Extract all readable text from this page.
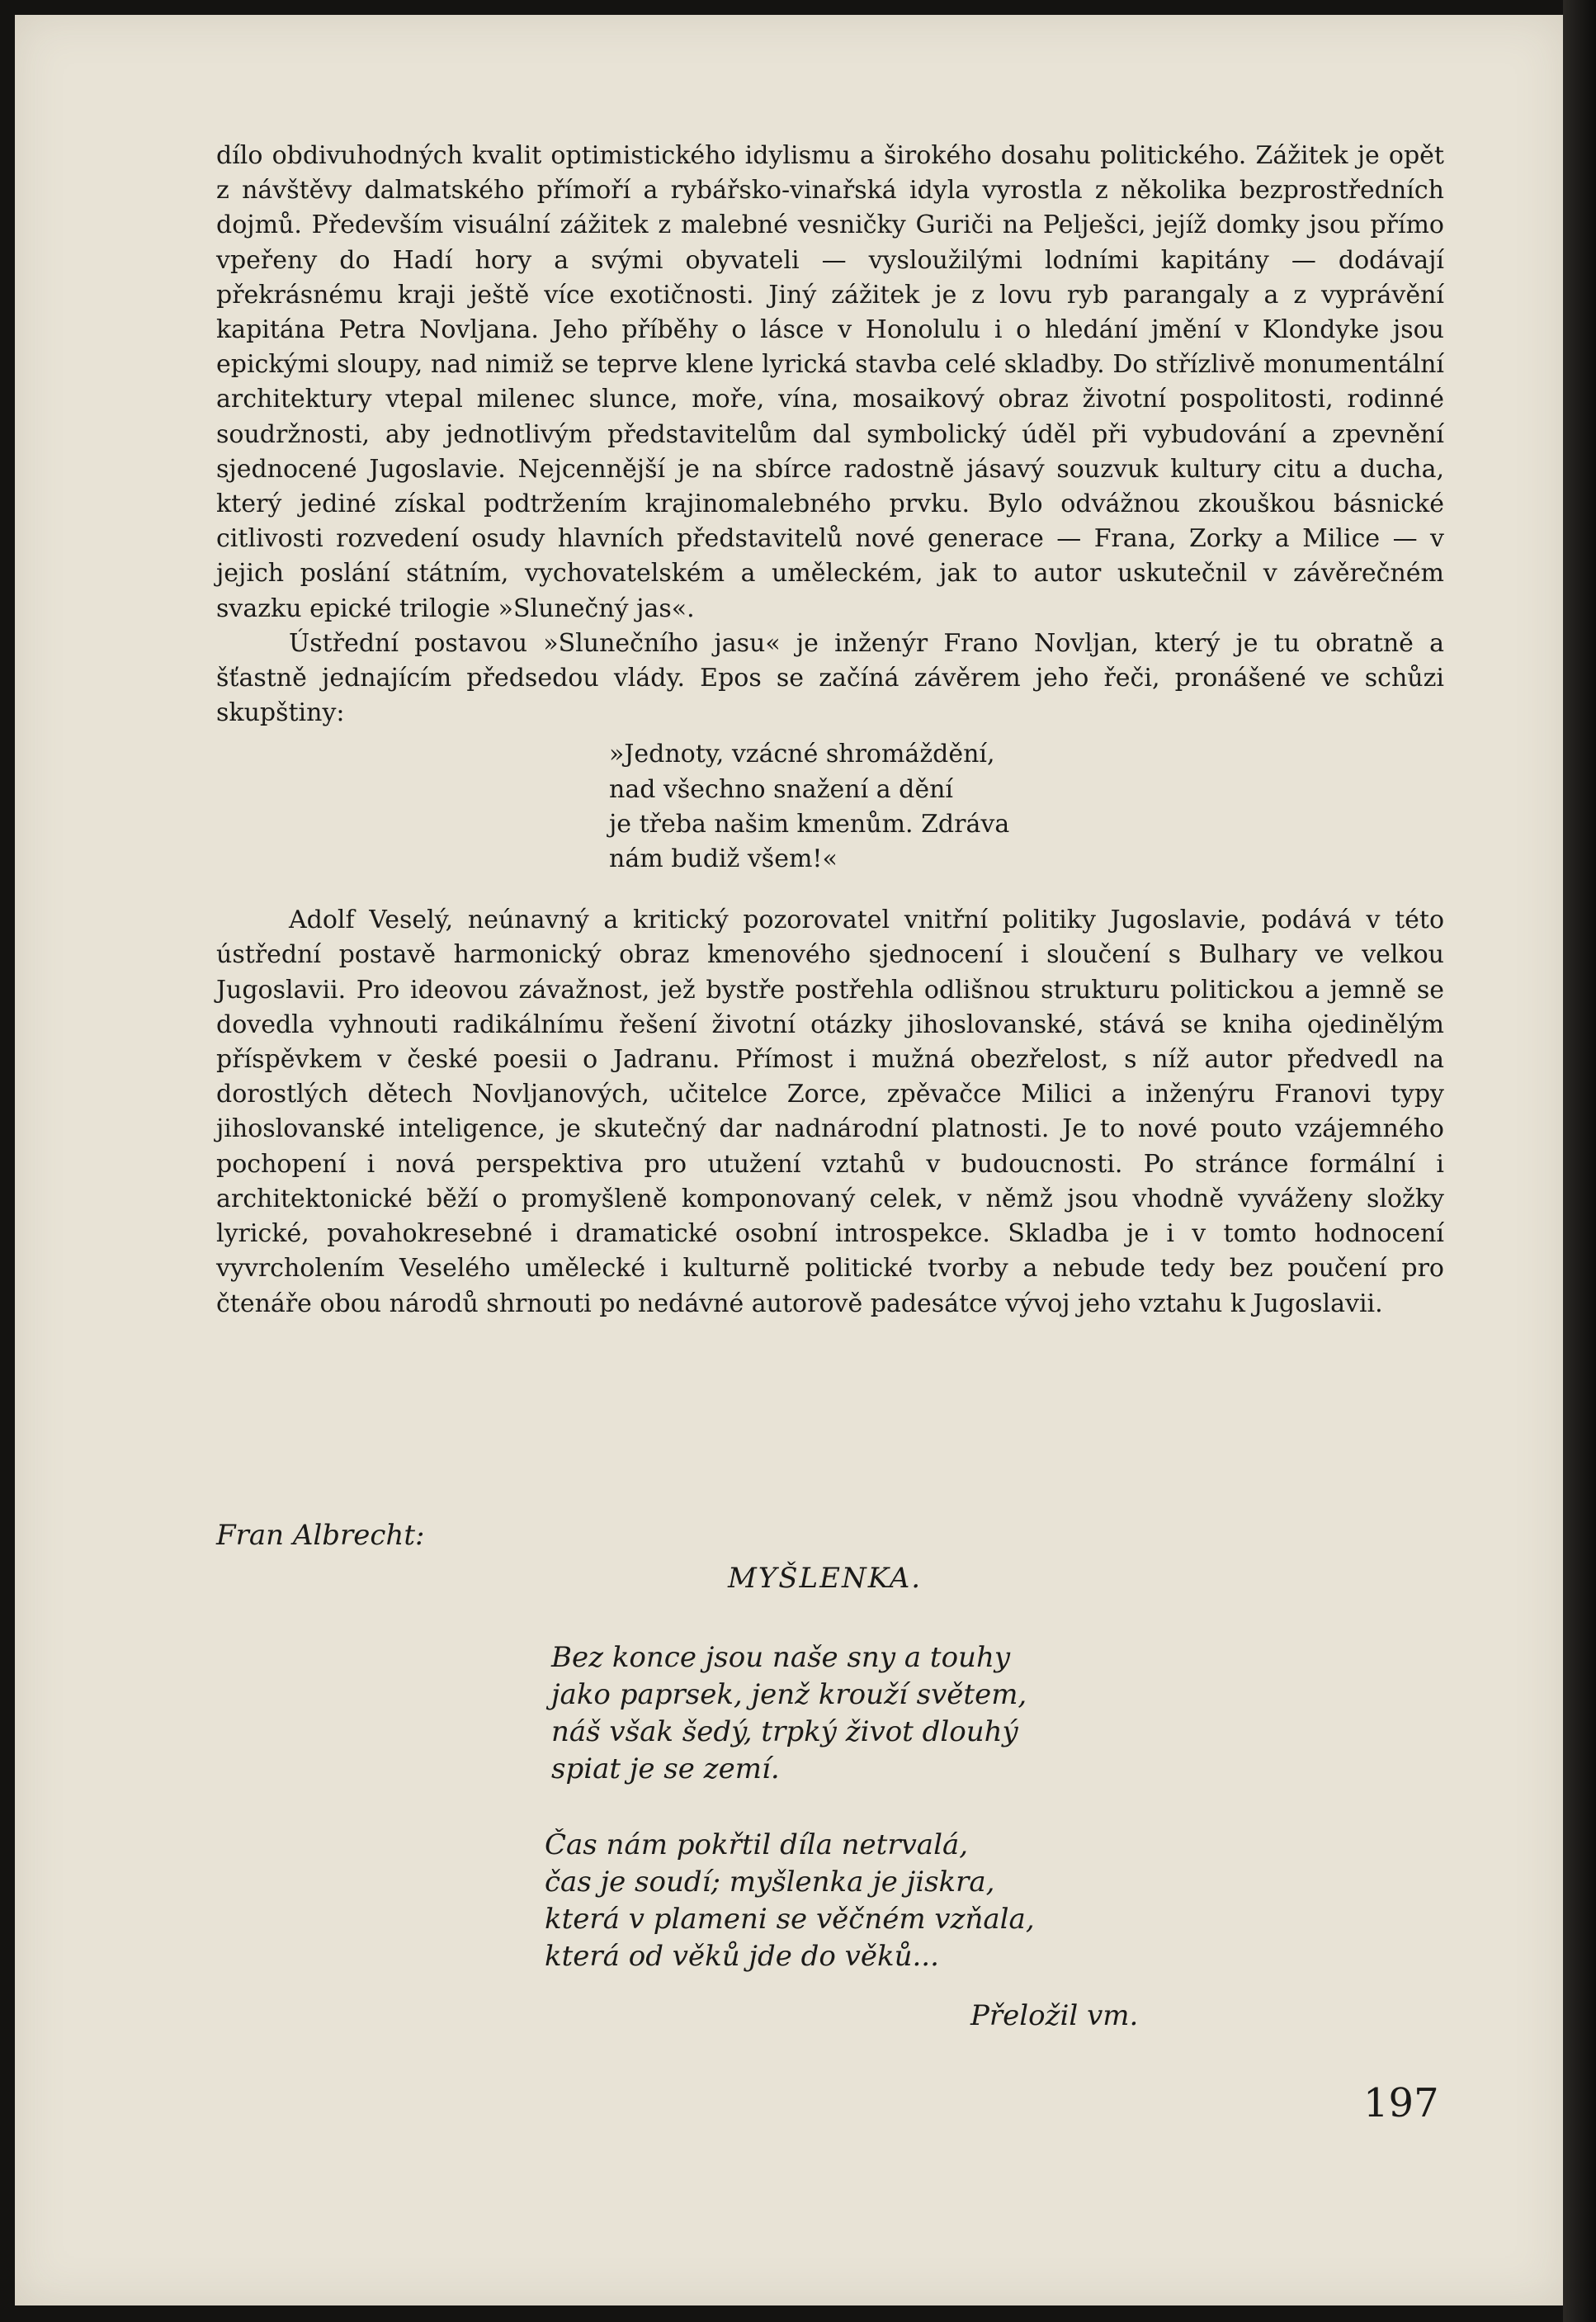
dílo obdivuhodných kvalit optimistického idylismu a širokého dosahu politického. Zážitek je opět z návštěvy dalmatského přímoří a rybářsko-vinařská idyla vyrostla z několika bezprostředních dojmů. Především visuální zážitek z malebné vesničky Guriči na Pelješci, jejíž domky jsou přímo vpeřeny do Hadí hory a svými obyvateli — vysloužilými lodními kapitány — dodávají překrásnému kraji ještě více exotičnosti. Jiný zážitek je z lovu ryb parangaly a z vyprávění kapitána Petra Novljana. Jeho příběhy o lásce v Honolulu i o hledání jmění v Klondyke jsou epickými sloupy, nad nimiž se teprve klene lyrická stavba celé skladby. Do střízlivě monumentální architektury vtepal milenec slunce, moře, vína, mosaikový obraz životní pospolitosti, rodinné soudržnosti, aby jednotlivým představitelům dal symbolický úděl při vybudování a zpevnění sjednocené Jugoslavie. Nejcennější je na sbírce radostně jásavý souzvuk kultury citu a ducha, který jediné získal podtržením krajinomalebného prvku. Bylo odvážnou zkouškou básnické citlivosti rozvedení osudy hlavních představitelů nové generace — Frana, Zorky a Milice — v jejich poslání státním, vychovatelském a uměleckém, jak to autor uskutečnil v závěrečném svazku epické trilogie »Slunečný jas«.

Ústřední postavou »Slunečního jasu« je inženýr Frano Novljan, který je tu obratně a šťastně jednajícím předsedou vlády. Epos se začíná závěrem jeho řeči, pronášené ve schůzi skupštiny:

»Jednoty, vzácné shromáždění,
nad všechno snažení a dění
je třeba našim kmenům. Zdráva
nám budiž všem!«

Adolf Veselý, neúnavný a kritický pozorovatel vnitřní politiky Jugoslavie, podává v této ústřední postavě harmonický obraz kmenového sjednocení i sloučení s Bulhary ve velkou Jugoslavii. Pro ideovou závažnost, jež bystře postřehla odlišnou strukturu politickou a jemně se dovedla vyhnouti radikálnímu řešení životní otázky jihoslovanské, stává se kniha ojedinělým příspěvkem v české poesii o Jadranu. Přímost i mužná obezřelost, s níž autor předvedl na dorostlých dětech Novljanových, učitelce Zorce, zpěvačce Milici a inženýru Franovi typy jihoslovanské inteligence, je skutečný dar nadnárodní platnosti. Je to nové pouto vzájemného pochopení i nová perspektiva pro utužení vztahů v budoucnosti. Po stránce formální i architektonické běží o promyšleně komponovaný celek, v němž jsou vhodně vyváženy složky lyrické, povahokresebné i dramatické osobní introspekce. Skladba je i v tomto hodnocení vyvrcholením Veselého umělecké i kulturně politické tvorby a nebude tedy bez poučení pro čtenáře obou národů shrnouti po nedávné autorově padesátce vývoj jeho vztahu k Jugoslavii.

Fran Albrecht:
MYŠLENKA.
Bez konce jsou naše sny a touhy
jako paprsek, jenž krouží světem,
náš však šedý, trpký život dlouhý
spiat je se zemí.
Čas nám pokřtil díla netrvalá,
čas je soudí; myšlenka je jiskra,
která v plameni se věčném vzňala,
která od věků jde do věků...
Přeložil vm.
197
